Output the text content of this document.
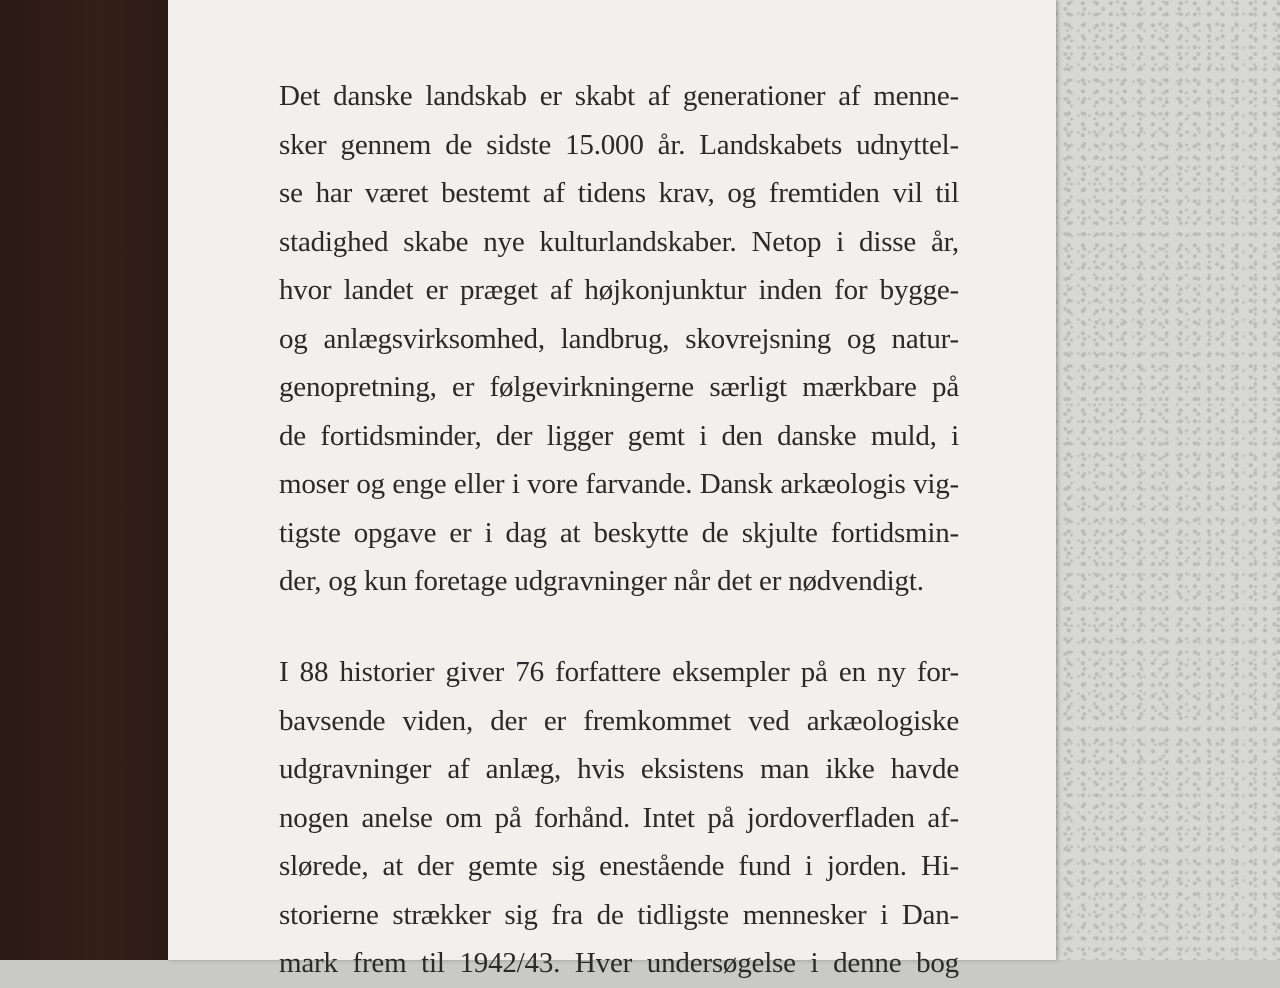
Det danske landskab er skabt af generationer af menne-
sker gennem de sidste 15.000 år. Landskabets udnyttel-
se har været bestemt af tidens krav, og fremtiden vil til
stadighed skabe nye kulturlandskaber. Netop i disse år,
hvor landet er præget af højkonjunktur inden for bygge-
og anlægsvirksomhed, landbrug, skovrejsning og natur-
genopretning, er følgevirkningerne særligt mærkbare på
de fortidsminder, der ligger gemt i den danske muld, i
moser og enge eller i vore farvande. Dansk arkæologis vig-
tigste opgave er i dag at beskytte de skjulte fortidsmin-
der, og kun foretage udgravninger når det er nødvendigt.
I 88 historier giver 76 forfattere eksempler på en ny for-
bavsende viden, der er fremkommet ved arkæologiske
udgravninger af anlæg, hvis eksistens man ikke havde
nogen anelse om på forhånd. Intet på jordoverfladen af-
slørede, at der gemte sig enestående fund i jorden. Hi-
storierne strækker sig fra de tidligste mennesker i Dan-
mark frem til 1942/43. Hver undersøgelse i denne bog
